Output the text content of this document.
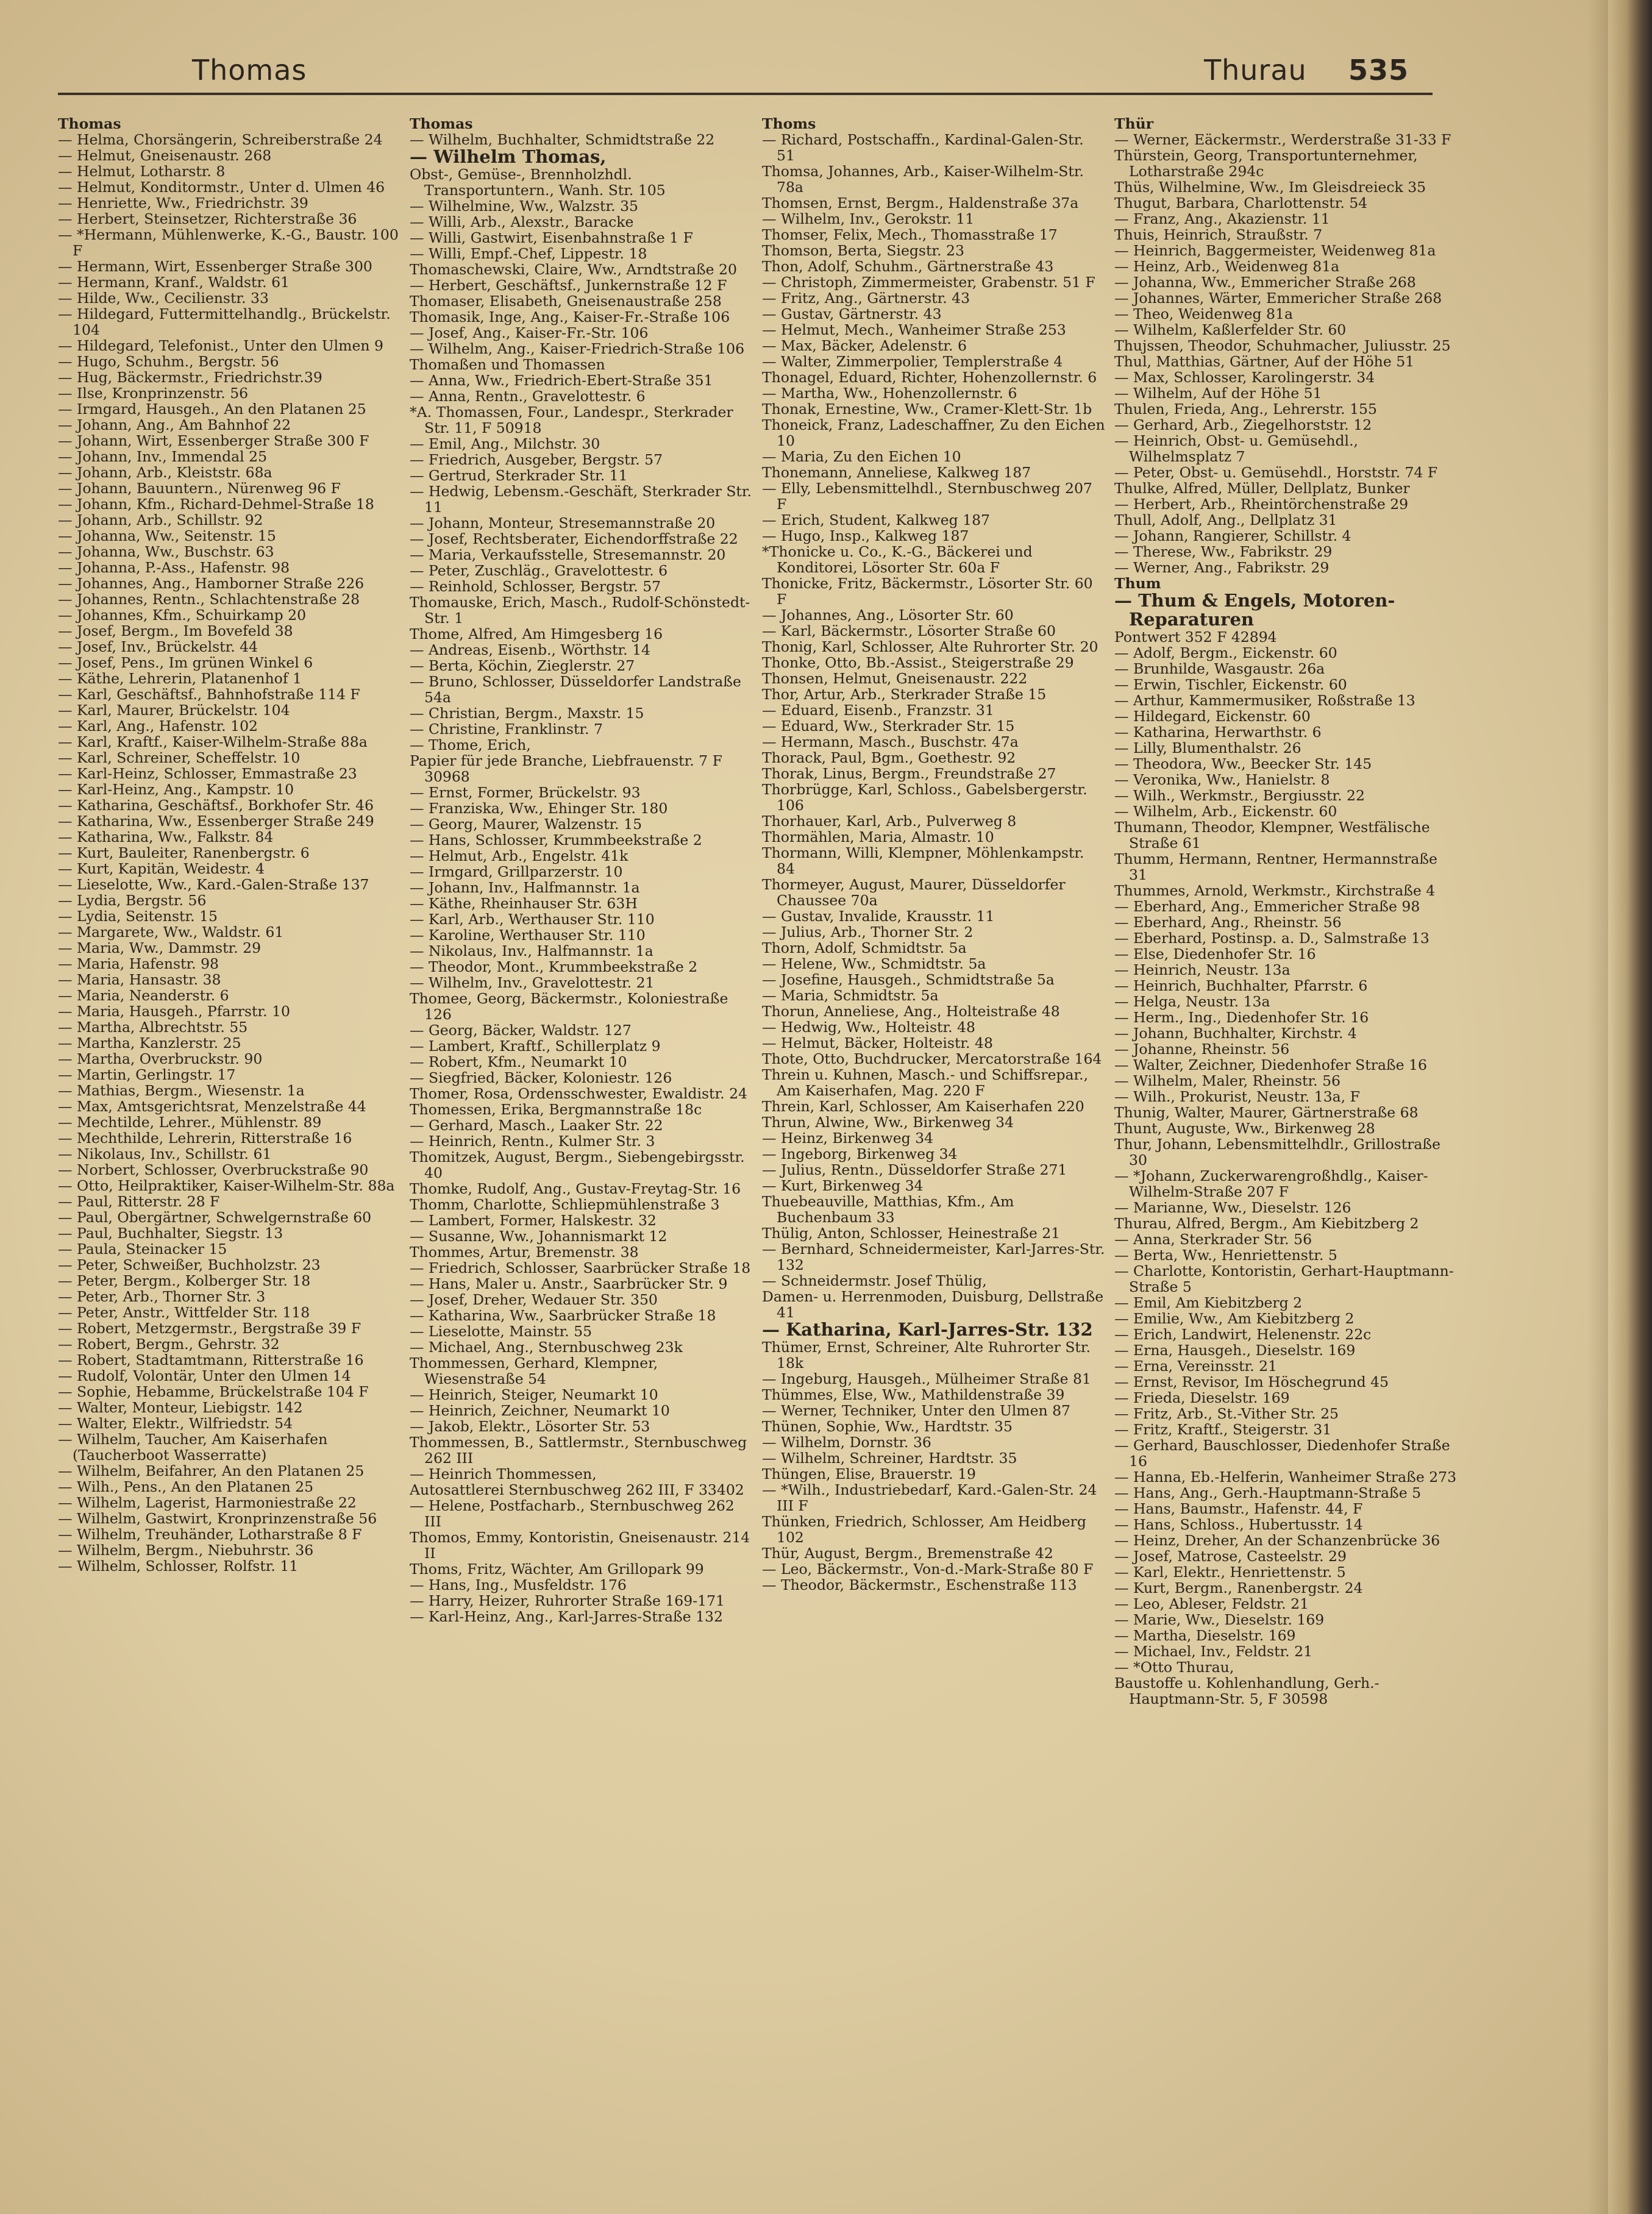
Thomas	Thurau 535
Thomas
— Helma, Chorsängerin, Schreiberstraße 24
— Helmut, Gneisenaustr. 268
— Helmut, Lotharstr. 8
— Helmut, Konditormstr., Unter d. Ulmen 46
— Henriette, Ww., Friedrichstr. 39
— Herbert, Steinsetzer, Richterstraße 36
— *Hermann, Mühlenwerke, K.-G., Baustr. 100 F
— Hermann, Wirt, Essenberger Straße 300
— Hermann, Kranf., Waldstr. 61
— Hilde, Ww., Cecilienstr. 33
— Hildegard, Futtermittelhandlg., Brückelstr. 104
— Hildegard, Telefonist., Unter den Ulmen 9
— Hugo, Schuhm., Bergstr. 56
— Hug, Bäckermstr., Friedrichstr.39
— Ilse, Kronprinzenstr. 56
— Irmgard, Hausgeh., An den Platanen 25
— Johann, Ang., Am Bahnhof 22
— Johann, Wirt, Essenberger Straße 300 F
— Johann, Inv., Immendal 25
— Johann, Arb., Kleiststr. 68a
— Johann, Bauuntern., Nürenweg 96 F
— Johann, Kfm., Richard-Dehmel-Straße 18
— Johann, Arb., Schillstr. 92
— Johanna, Ww., Seitenstr. 15
— Johanna, Ww., Buschstr. 63
— Johanna, P.-Ass., Hafenstr. 98
— Johannes, Ang., Hamborner Straße 226
— Johannes, Rentn., Schlachtenstraße 28
— Johannes, Kfm., Schuirkamp 20
— Josef, Bergm., Im Bovefeld 38
— Josef, Inv., Brückelstr. 44
— Josef, Pens., Im grünen Winkel 6
— Käthe, Lehrerin, Platanenhof 1
— Karl, Geschäftsf., Bahnhofstraße 114 F
— Karl, Maurer, Brückelstr. 104
— Karl, Ang., Hafenstr. 102
— Karl, Kraftf., Kaiser-Wilhelm-Straße 88a
— Karl, Schreiner, Scheffelstr. 10
— Karl-Heinz, Schlosser, Emmastraße 23
— Karl-Heinz, Ang., Kampstr. 10
— Katharina, Geschäftsf., Borkhofer Str. 46
— Katharina, Ww., Essenberger Straße 249
— Katharina, Ww., Falkstr. 84
— Kurt, Bauleiter, Ranenbergstr. 6
— Kurt, Kapitän, Weidestr. 4
— Lieselotte, Ww., Kard.-Galen-Straße 137
— Lydia, Bergstr. 56
— Lydia, Seitenstr. 15
— Margarete, Ww., Waldstr. 61
— Maria, Ww., Dammstr. 29
— Maria, Hafenstr. 98
— Maria, Hansastr. 38
— Maria, Neanderstr. 6
— Maria, Hausgeh., Pfarrstr. 10
— Martha, Albrechtstr. 55
— Martha, Kanzlerstr. 25
— Martha, Overbruckstr. 90
— Martin, Gerlingstr. 17
— Mathias, Bergm., Wiesenstr. 1a
— Max, Amtsgerichtsrat, Menzelstraße 44
— Mechtilde, Lehrer., Mühlenstr. 89
— Mechthilde, Lehrerin, Ritterstraße 16
— Nikolaus, Inv., Schillstr. 61
— Norbert, Schlosser, Overbruckstraße 90
— Otto, Heilpraktiker, Kaiser-Wilhelm-Str. 88a
— Paul, Ritterstr. 28 F
— Paul, Obergärtner, Schwelgernstraße 60
— Paul, Buchhalter, Siegstr. 13
— Paula, Steinacker 15
— Peter, Schweißer, Buchholzstr. 23
— Peter, Bergm., Kolberger Str. 18
— Peter, Arb., Thorner Str. 3
— Peter, Anstr., Wittfelder Str. 118
— Robert, Metzgermstr., Bergstraße 39 F
— Robert, Bergm., Gehrstr. 32
— Robert, Stadtamtmann, Ritterstraße 16
— Rudolf, Volontär, Unter den Ulmen 14
— Sophie, Hebamme, Brückelstraße 104 F
— Walter, Monteur, Liebigstr. 142
— Walter, Elektr., Wilfriedstr. 54
— Wilhelm, Taucher, Am Kaiserhafen (Taucherboot Wasserratte)
— Wilhelm, Beifahrer, An den Platanen 25
— Wilh., Pens., An den Platanen 25
— Wilhelm, Lagerist, Harmoniestraße 22
— Wilhelm, Gastwirt, Kronprinzenstraße 56
— Wilhelm, Treuhänder, Lotharstraße 8 F
— Wilhelm, Bergm., Niebuhrstr. 36
— Wilhelm, Schlosser, Rolfstr. 11
Thomas
— Wilhelm, Buchhalter, Schmidtstraße 22
— Wilhelm Thomas,
Obst-, Gemüse-, Brennholzhdl. Transportuntern., Wanh. Str. 105
— Wilhelmine, Ww., Walzstr. 35
— Willi, Arb., Alexstr., Baracke
— Willi, Gastwirt, Eisenbahnstraße 1 F
— Willi, Empf.-Chef, Lippestr. 18
Thomaschewski, Claire, Ww., Arndtstraße 20
— Herbert, Geschäftsf., Junkernstraße 12 F
Thomaser, Elisabeth, Gneisenaustraße 258
Thomasik, Inge, Ang., Kaiser-Fr.-Straße 106
— Josef, Ang., Kaiser-Fr.-Str. 106
— Wilhelm, Ang., Kaiser-Friedrich-Straße 106
Thomaßen und Thomassen
— Anna, Ww., Friedrich-Ebert-Straße 351
— Anna, Rentn., Gravelottestr. 6
*A. Thomassen, Four., Landespr., Sterkrader Str. 11, F 50918
— Emil, Ang., Milchstr. 30
— Friedrich, Ausgeber, Bergstr. 57
— Gertrud, Sterkrader Str. 11
— Hedwig, Lebensm.-Geschäft, Sterkrader Str. 11
— Johann, Monteur, Stresemannstraße 20
— Josef, Rechtsberater, Eichendorffstraße 22
— Maria, Verkaufsstelle, Stresemannstr. 20
— Peter, Zuschläg., Gravelottestr. 6
— Reinhold, Schlosser, Bergstr. 57
Thomauske, Erich, Masch., Rudolf-Schönstedt-Str. 1
Thome, Alfred, Am Himgesberg 16
— Andreas, Eisenb., Wörthstr. 14
— Berta, Köchin, Zieglerstr. 27
— Bruno, Schlosser, Düsseldorfer Landstraße 54a
— Christian, Bergm., Maxstr. 15
— Christine, Franklinstr. 7
— Thome, Erich,
Papier für jede Branche, Liebfrauenstr. 7 F 30968
— Ernst, Former, Brückelstr. 93
— Franziska, Ww., Ehinger Str. 180
— Georg, Maurer, Walzenstr. 15
— Hans, Schlosser, Krummbeekstraße 2
— Helmut, Arb., Engelstr. 41k
— Irmgard, Grillparzerstr. 10
— Johann, Inv., Halfmannstr. 1a
— Käthe, Rheinhauser Str. 63H
— Karl, Arb., Werthauser Str. 110
— Karoline, Werthauser Str. 110
— Nikolaus, Inv., Halfmannstr. 1a
— Theodor, Mont., Krummbeekstraße 2
— Wilhelm, Inv., Gravelottestr. 21
Thomee, Georg, Bäckermstr., Koloniestraße 126
— Georg, Bäcker, Waldstr. 127
— Lambert, Kraftf., Schillerplatz 9
— Robert, Kfm., Neumarkt 10
— Siegfried, Bäcker, Koloniestr. 126
Thomer, Rosa, Ordensschwester, Ewaldistr. 24
Thomessen, Erika, Bergmannstraße 18c
— Gerhard, Masch., Laaker Str. 22
— Heinrich, Rentn., Kulmer Str. 3
Thomitzek, August, Bergm., Siebengebirgsstr. 40
Thomke, Rudolf, Ang., Gustav-Freytag-Str. 16
Thomm, Charlotte, Schliepmühlenstraße 3
— Lambert, Former, Halskestr. 32
— Susanne, Ww., Johannismarkt 12
Thommes, Artur, Bremenstr. 38
— Friedrich, Schlosser, Saarbrücker Straße 18
— Hans, Maler u. Anstr., Saarbrücker Str. 9
— Josef, Dreher, Wedauer Str. 350
— Katharina, Ww., Saarbrücker Straße 18
— Lieselotte, Mainstr. 55
— Michael, Ang., Sternbuschweg 23k
Thommessen, Gerhard, Klempner, Wiesenstraße 54
— Heinrich, Steiger, Neumarkt 10
— Heinrich, Zeichner, Neumarkt 10
— Jakob, Elektr., Lösorter Str. 53
Thommessen, B., Sattlermstr., Sternbuschweg 262 III
— Heinrich Thommessen,
Autosattlerei Sternbuschweg 262 III, F 33402
— Helene, Postfacharb., Sternbuschweg 262 III
Thomos, Emmy, Kontoristin, Gneisenaustr. 214 II
Thoms, Fritz, Wächter, Am Grillopark 99
— Hans, Ing., Musfeldstr. 176
— Harry, Heizer, Ruhrorter Straße 169-171
— Karl-Heinz, Ang., Karl-Jarres-Straße 132
Thoms
— Richard, Postschaffn., Kardinal-Galen-Str. 51
Thomsa, Johannes, Arb., Kaiser-Wilhelm-Str. 78a
Thomsen, Ernst, Bergm., Haldenstraße 37a
— Wilhelm, Inv., Gerokstr. 11
Thomser, Felix, Mech., Thomasstraße 17
Thomson, Berta, Siegstr. 23
Thon, Adolf, Schuhm., Gärtnerstraße 43
— Christoph, Zimmermeister, Grabenstr. 51 F
— Fritz, Ang., Gärtnerstr. 43
— Gustav, Gärtnerstr. 43
— Helmut, Mech., Wanheimer Straße 253
— Max, Bäcker, Adelenstr. 6
— Walter, Zimmerpolier, Templerstraße 4
Thonagel, Eduard, Richter, Hohenzollernstr. 6
— Martha, Ww., Hohenzollernstr. 6
Thonak, Ernestine, Ww., Cramer-Klett-Str. 1b
Thoneick, Franz, Ladeschaffner, Zu den Eichen 10
— Maria, Zu den Eichen 10
Thonemann, Anneliese, Kalkweg 187
— Elly, Lebensmittelhdl., Sternbuschweg 207 F
— Erich, Student, Kalkweg 187
— Hugo, Insp., Kalkweg 187
*Thonicke u. Co., K.-G., Bäckerei und Konditorei, Lösorter Str. 60a F
Thonicke, Fritz, Bäckermstr., Lösorter Str. 60 F
— Johannes, Ang., Lösorter Str. 60
— Karl, Bäckermstr., Lösorter Straße 60
Thonig, Karl, Schlosser, Alte Ruhrorter Str. 20
Thonke, Otto, Bb.-Assist., Steigerstraße 29
Thonsen, Helmut, Gneisenaustr. 222
Thor, Artur, Arb., Sterkrader Straße 15
— Eduard, Eisenb., Franzstr. 31
— Eduard, Ww., Sterkrader Str. 15
— Hermann, Masch., Buschstr. 47a
Thorack, Paul, Bgm., Goethestr. 92
Thorak, Linus, Bergm., Freundstraße 27
Thorbrügge, Karl, Schloss., Gabelsbergerstr. 106
Thorhauer, Karl, Arb., Pulverweg 8
Thormählen, Maria, Almastr. 10
Thormann, Willi, Klempner, Möhlenkampstr. 84
Thormeyer, August, Maurer, Düsseldorfer Chaussee 70a
— Gustav, Invalide, Krausstr. 11
— Julius, Arb., Thorner Str. 2
Thorn, Adolf, Schmidtstr. 5a
— Helene, Ww., Schmidtstr. 5a
— Josefine, Hausgeh., Schmidtstraße 5a
— Maria, Schmidtstr. 5a
Thorun, Anneliese, Ang., Holteistraße 48
— Hedwig, Ww., Holteistr. 48
— Helmut, Bäcker, Holteistr. 48
Thote, Otto, Buchdrucker, Mercatorstraße 164
Threin u. Kuhnen, Masch.- und Schiffsrepar., Am Kaiserhafen, Mag. 220 F
Threin, Karl, Schlosser, Am Kaiserhafen 220
Thrun, Alwine, Ww., Birkenweg 34
— Heinz, Birkenweg 34
— Ingeborg, Birkenweg 34
— Julius, Rentn., Düsseldorfer Straße 271
— Kurt, Birkenweg 34
Thuebeauville, Matthias, Kfm., Am Buchenbaum 33
Thülig, Anton, Schlosser, Heinestraße 21
— Bernhard, Schneidermeister, Karl-Jarres-Str. 132
— Schneidermstr. Josef Thülig,
Damen- u. Herrenmoden, Duisburg, Dellstraße 41
— Katharina, Karl-Jarres-Str. 132
Thümer, Ernst, Schreiner, Alte Ruhrorter Str. 18k
— Ingeburg, Hausgeh., Mülheimer Straße 81
Thümmes, Else, Ww., Mathildenstraße 39
— Werner, Techniker, Unter den Ulmen 87
Thünen, Sophie, Ww., Hardtstr. 35
— Wilhelm, Dornstr. 36
— Wilhelm, Schreiner, Hardtstr. 35
Thüngen, Elise, Brauerstr. 19
— *Wilh., Industriebedarf, Kard.-Galen-Str. 24 III F
Thünken, Friedrich, Schlosser, Am Heidberg 102
Thür, August, Bergm., Bremenstraße 42
— Leo, Bäckermstr., Von-d.-Mark-Straße 80 F
— Theodor, Bäckermstr., Eschenstraße 113
Thür
— Werner, Eäckermstr., Werderstraße 31-33 F
Thürstein, Georg, Transportunternehmer, Lotharstraße 294c
Thüs, Wilhelmine, Ww., Im Gleisdreieck 35
Thugut, Barbara, Charlottenstr. 54
— Franz, Ang., Akazienstr. 11
Thuis, Heinrich, Straußstr. 7
— Heinrich, Baggermeister, Weidenweg 81a
— Heinz, Arb., Weidenweg 81a
— Johanna, Ww., Emmericher Straße 268
— Johannes, Wärter, Emmericher Straße 268
— Theo, Weidenweg 81a
— Wilhelm, Kaßlerfelder Str. 60
Thujssen, Theodor, Schuhmacher, Juliusstr. 25
Thul, Matthias, Gärtner, Auf der Höhe 51
— Max, Schlosser, Karolingerstr. 34
— Wilhelm, Auf der Höhe 51
Thulen, Frieda, Ang., Lehrerstr. 155
— Gerhard, Arb., Ziegelhorststr. 12
— Heinrich, Obst- u. Gemüsehdl., Wilhelmsplatz 7
— Peter, Obst- u. Gemüsehdl., Horststr. 74 F
Thulke, Alfred, Müller, Dellplatz, Bunker
— Herbert, Arb., Rheintörchenstraße 29
Thull, Adolf, Ang., Dellplatz 31
— Johann, Rangierer, Schillstr. 4
— Therese, Ww., Fabrikstr. 29
— Werner, Ang., Fabrikstr. 29
Thum
— Thum & Engels, Motoren-Reparaturen
Pontwert 352 F 42894
— Adolf, Bergm., Eickenstr. 60
— Brunhilde, Wasgaustr. 26a
— Erwin, Tischler, Eickenstr. 60
— Arthur, Kammermusiker, Roßstraße 13
— Hildegard, Eickenstr. 60
— Katharina, Herwarthstr. 6
— Lilly, Blumenthalstr. 26
— Theodora, Ww., Beecker Str. 145
— Veronika, Ww., Hanielstr. 8
— Wilh., Werkmstr., Bergiusstr. 22
— Wilhelm, Arb., Eickenstr. 60
Thumann, Theodor, Klempner, Westfälische Straße 61
Thumm, Hermann, Rentner, Hermannstraße 31
Thummes, Arnold, Werkmstr., Kirchstraße 4
— Eberhard, Ang., Emmericher Straße 98
— Eberhard, Ang., Rheinstr. 56
— Eberhard, Postinsp. a. D., Salmstraße 13
— Else, Diedenhofer Str. 16
— Heinrich, Neustr. 13a
— Heinrich, Buchhalter, Pfarrstr. 6
— Helga, Neustr. 13a
— Herm., Ing., Diedenhofer Str. 16
— Johann, Buchhalter, Kirchstr. 4
— Johanne, Rheinstr. 56
— Walter, Zeichner, Diedenhofer Straße 16
— Wilhelm, Maler, Rheinstr. 56
— Wilh., Prokurist, Neustr. 13a, F
Thunig, Walter, Maurer, Gärtnerstraße 68
Thunt, Auguste, Ww., Birkenweg 28
Thur, Johann, Lebensmittelhdlr., Grillostraße 30
— *Johann, Zuckerwarengroßhdlg., Kaiser-Wilhelm-Straße 207 F
— Marianne, Ww., Dieselstr. 126
Thurau, Alfred, Bergm., Am Kiebitzberg 2
— Anna, Sterkrader Str. 56
— Berta, Ww., Henriettenstr. 5
— Charlotte, Kontoristin, Gerhart-Hauptmann-Straße 5
— Emil, Am Kiebitzberg 2
— Emilie, Ww., Am Kiebitzberg 2
— Erich, Landwirt, Helenenstr. 22c
— Erna, Hausgeh., Dieselstr. 169
— Erna, Vereinsstr. 21
— Ernst, Revisor, Im Höschegrund 45
— Frieda, Dieselstr. 169
— Fritz, Arb., St.-Vither Str. 25
— Fritz, Kraftf., Steigerstr. 31
— Gerhard, Bauschlosser, Diedenhofer Straße 16
— Hanna, Eb.-Helferin, Wanheimer Straße 273
— Hans, Ang., Gerh.-Hauptmann-Straße 5
— Hans, Baumstr., Hafenstr. 44, F
— Hans, Schloss., Hubertusstr. 14
— Heinz, Dreher, An der Schanzenbrücke 36
— Josef, Matrose, Casteelstr. 29
— Karl, Elektr., Henriettenstr. 5
— Kurt, Bergm., Ranenbergstr. 24
— Leo, Ableser, Feldstr. 21
— Marie, Ww., Dieselstr. 169
— Martha, Dieselstr. 169
— Michael, Inv., Feldstr. 21
— *Otto Thurau,
Baustoffe u. Kohlenhandlung, Gerh.-Hauptmann-Str. 5, F 30598
